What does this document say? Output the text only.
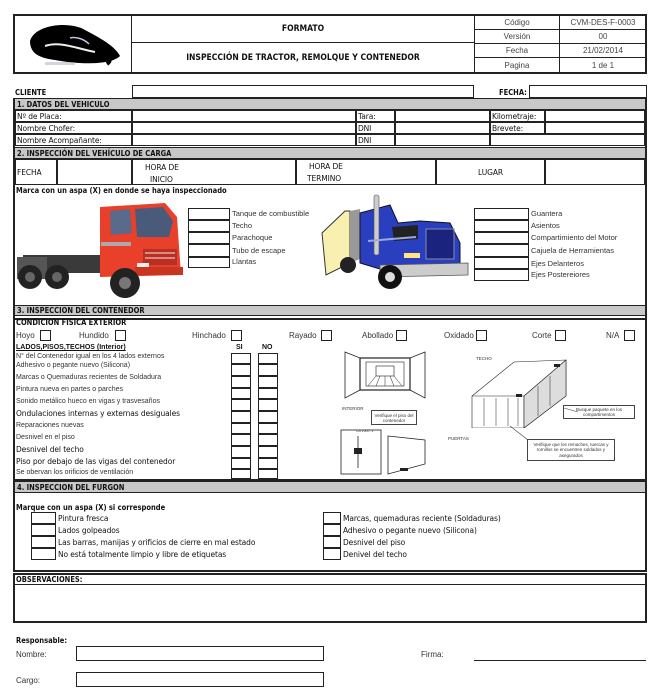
FORMATO
INSPECCIÓN DE TRACTOR, REMOLQUE Y CONTENEDOR
Código	CVM-DES-F-0003
Versión	00
Fecha	21/02/2014
Pagina	1 de 1
CLIENTE	FECHA:
1. DATOS DEL VEHICULO
Nº de Placa:	Tara:	Kilometraje:
Nombre Chofer:	DNI	Brevete:
Nombre Acompañante:	DNI
2. INSPECCIÓN DEL VEHÍCULO DE CARGA
FECHA	HORA DE
INICIO
HORA DE
TERMINO
LUGAR
Marca con un aspa (X) en donde se haya inspeccionado
Tanque de combustible
Techo
Parachoque
Tubo de escape
Llantas
Guantera
Asientos
Compartimiento del Motor
Cajuela de Herramientas
Ejes Delanteros
Ejes Postereiores
3. INSPECCION DEL CONTENEDOR
CONDICION FISICA EXTERIOR
Hoyo	Hundido	Hinchado	Rayado	Abollado	Oxidado	Corte	N/A
LADOS,PISOS,TECHOS (Interior)	SI	NO
N° del Contenedor igual en los 4 lados externos
Adhesivo o pegante nuevo (Silicona)
Marcas o Quemaduras recientes de Soldadura
Pintura nueva en partes o parches
Sonido metálico hueco en vigas y trasvesaños
Ondulaciones internas y externas desiguales
Reparaciones nuevas
Desnivel en el piso
Desnivel del techo
Piso por debajo de las vigas del contenedor
Se obervan los orificios de ventilación
INTERIOR
Verifique el piso del contenedor
CA 1000 -1
TECHO
PUERTAS
Busque paquete en los compartimentos
Verifique que los remaches, tuercas y tornillos se encuentren soldados y asegurados
4. INSPECCION DEL FURGON
Marque con un aspa (X) si corresponde
Pintura fresca
Lados golpeados
Las barras, manijas y orificios de cierre en mal estado
No está totalmente limpio y libre de etiquetas
Marcas, quemaduras reciente (Soldaduras)
Adhesivo o pegante nuevo (Silicona)
Desnivel del piso
Denivel del techo
OBSERVACIONES:
Responsable:
Nombre:	Firma:
Cargo:
